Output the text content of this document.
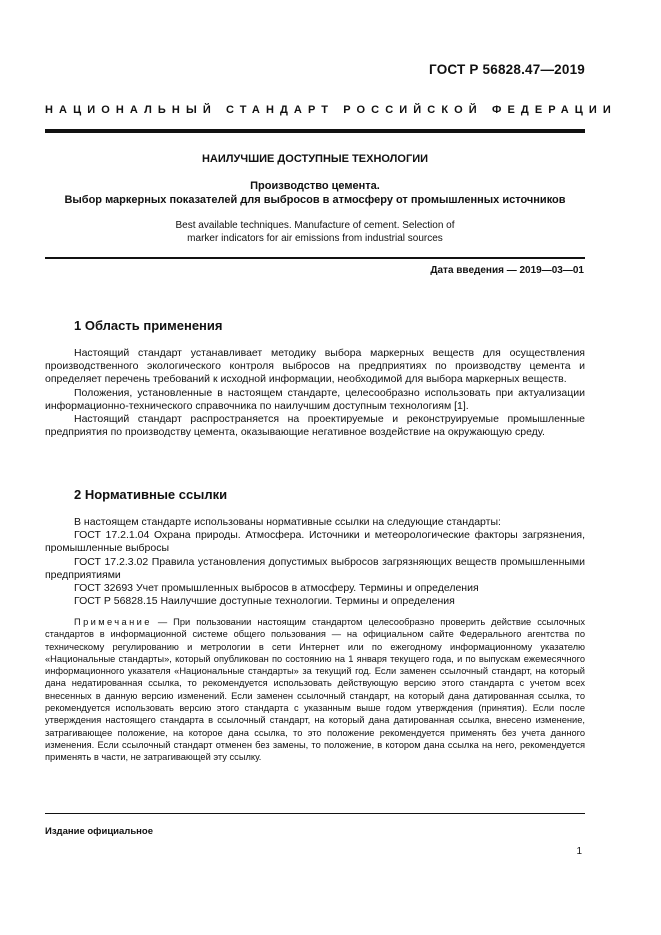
ГОСТ Р 56828.47—2019
НАЦИОНАЛЬНЫЙ СТАНДАРТ РОССИЙСКОЙ ФЕДЕРАЦИИ
НАИЛУЧШИЕ ДОСТУПНЫЕ ТЕХНОЛОГИИ
Производство цемента.
Выбор маркерных показателей для выбросов в атмосферу от промышленных источников
Best available techniques. Manufacture of cement. Selection of marker indicators for air emissions from industrial sources
Дата введения — 2019—03—01
1 Область применения

Настоящий стандарт устанавливает методику выбора маркерных веществ для осуществления производственного экологического контроля выбросов на предприятиях по производству цемента и определяет перечень требований к исходной информации, необходимой для выбора маркерных веществ.

Положения, установленные в настоящем стандарте, целесообразно использовать при актуализации информационно-технического справочника по наилучшим доступным технологиям [1].

Настоящий стандарт распространяется на проектируемые и реконструируемые промышленные предприятия по производству цемента, оказывающие негативное воздействие на окружающую среду.

2 Нормативные ссылки

В настоящем стандарте использованы нормативные ссылки на следующие стандарты:

ГОСТ 17.2.1.04 Охрана природы. Атмосфера. Источники и метеорологические факторы загрязнения, промышленные выбросы

ГОСТ 17.2.3.02 Правила установления допустимых выбросов загрязняющих веществ промышленными предприятиями

ГОСТ 32693 Учет промышленных выбросов в атмосферу. Термины и определения

ГОСТ Р 56828.15 Наилучшие доступные технологии. Термины и определения

Примечание — При пользовании настоящим стандартом целесообразно проверить действие ссылочных стандартов в информационной системе общего пользования — на официальном сайте Федерального агентства по техническому регулированию и метрологии в сети Интернет или по ежегодному информационному указателю «Национальные стандарты», который опубликован по состоянию на 1 января текущего года, и по выпускам ежемесячного информационного указателя «Национальные стандарты» за текущий год. Если заменен ссылочный стандарт, на который дана недатированная ссылка, то рекомендуется использовать действующую версию этого стандарта с учетом всех внесенных в данную версию изменений. Если заменен ссылочный стандарт, на который дана датированная ссылка, то рекомендуется использовать версию этого стандарта с указанным выше годом утверждения (принятия). Если после утверждения настоящего стандарта в ссылочный стандарт, на который дана датированная ссылка, внесено изменение, затрагивающее положение, на которое дана ссылка, то это положение рекомендуется применять без учета данного изменения. Если ссылочный стандарт отменен без замены, то положение, в котором дана ссылка на него, рекомендуется применять в части, не затрагивающей эту ссылку.
Издание официальное
1
